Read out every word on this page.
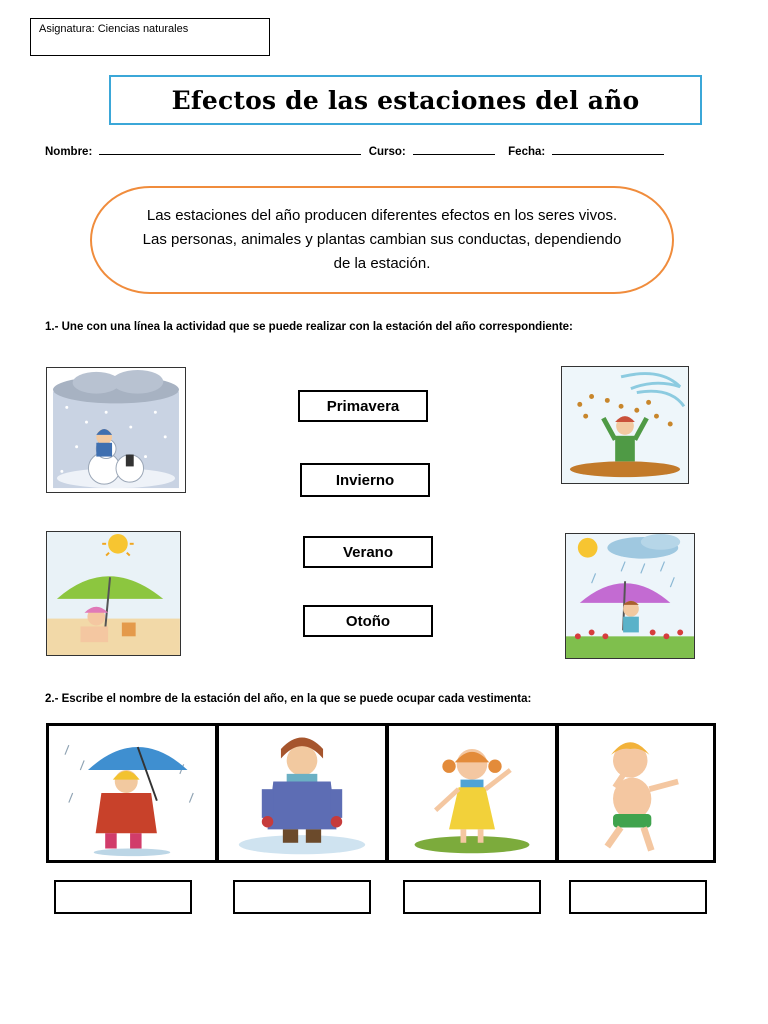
Asignatura: Ciencias naturales
Efectos de las estaciones del año
Nombre:	Curso:	Fecha:
Las estaciones del año producen diferentes efectos en los seres vivos. Las personas, animales y plantas cambian sus conductas, dependiendo de la estación.
1.- Une con una línea la actividad que se puede realizar con la estación del año correspondiente:
Primavera
Invierno
Verano
Otoño
2.- Escribe el nombre de la estación del año, en la que se puede ocupar cada vestimenta:
